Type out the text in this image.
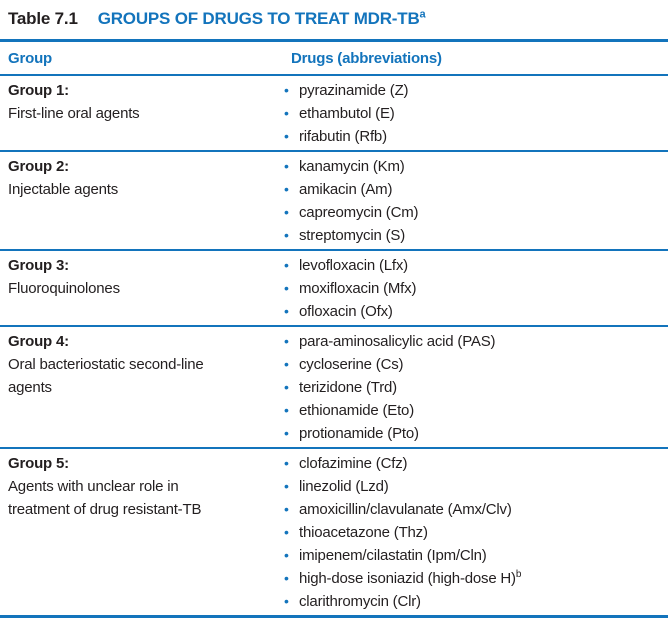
Table 7.1 GROUPS OF DRUGS TO TREAT MDR-$TB^a$
Group	Drugs (abbreviations)
Group 1:
First-line oral agents
• pyrazinamide (Z)
• ethambutol (E)
• rifabutin (Rfb)
Group 2:
Injectable agents
• kanamycin (Km)
• amikacin (Am)
• capreomycin (Cm)
• streptomycin (S)
Group 3:
Fluoroquinolones
• levofloxacin (Lfx)
• moxifloxacin (Mfx)
• ofloxacin (Ofx)
Group 4:
Oral bacteriostatic second-line agents
• para-aminosalicylic acid (PAS)
• cycloserine (Cs)
• terizidone (Trd)
• ethionamide (Eto)
• protionamide (Pto)
Group 5:
Agents with unclear role in treatment of drug resistant-TB
• clofazimine (Cfz)
• linezolid (Lzd)
• amoxicillin/clavulanate (Amx/Clv)
• thioacetazone (Thz)
• imipenem/cilastatin (Ipm/Cln)
• high-dose isoniazid (high-dose H)$^b$
• clarithromycin (Clr)
